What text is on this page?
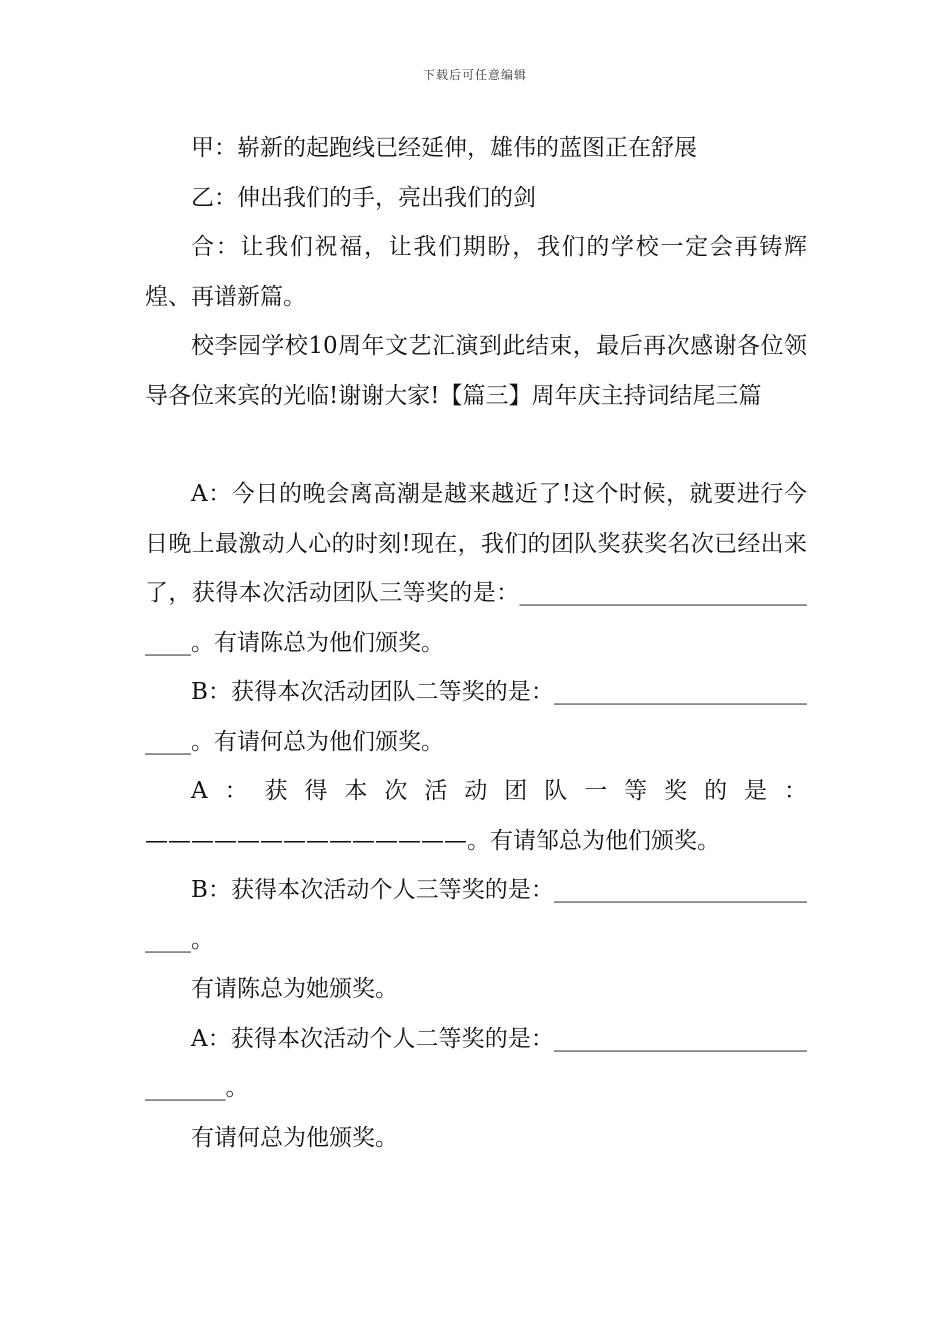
下载后可任意编辑

甲：崭新的起跑线已经延伸，雄伟的蓝图正在舒展

乙：伸出我们的手，亮出我们的剑

合：让我们祝福，让我们期盼，我们的学校一定会再铸辉煌、再谱新篇。

校李园学校10周年文艺汇演到此结束，最后再次感谢各位领导各位来宾的光临!谢谢大家!【篇三】周年庆主持词结尾三篇

A：今日的晚会离高潮是越来越近了!这个时候，就要进行今日晚上最激动人心的时刻!现在，我们的团队奖获奖名次已经出来了，获得本次活动团队三等奖的是：_____________________________。有请陈总为他们颁奖。

B：获得本次活动团队二等奖的是：__________________________。有请何总为他们颁奖。

A：获得本次活动团队一等奖的是：——————————————。有请邹总为他们颁奖。

B：获得本次活动个人三等奖的是：__________________________。

有请陈总为她颁奖。

A：获得本次活动个人二等奖的是：_____________________________。

有请何总为他颁奖。
